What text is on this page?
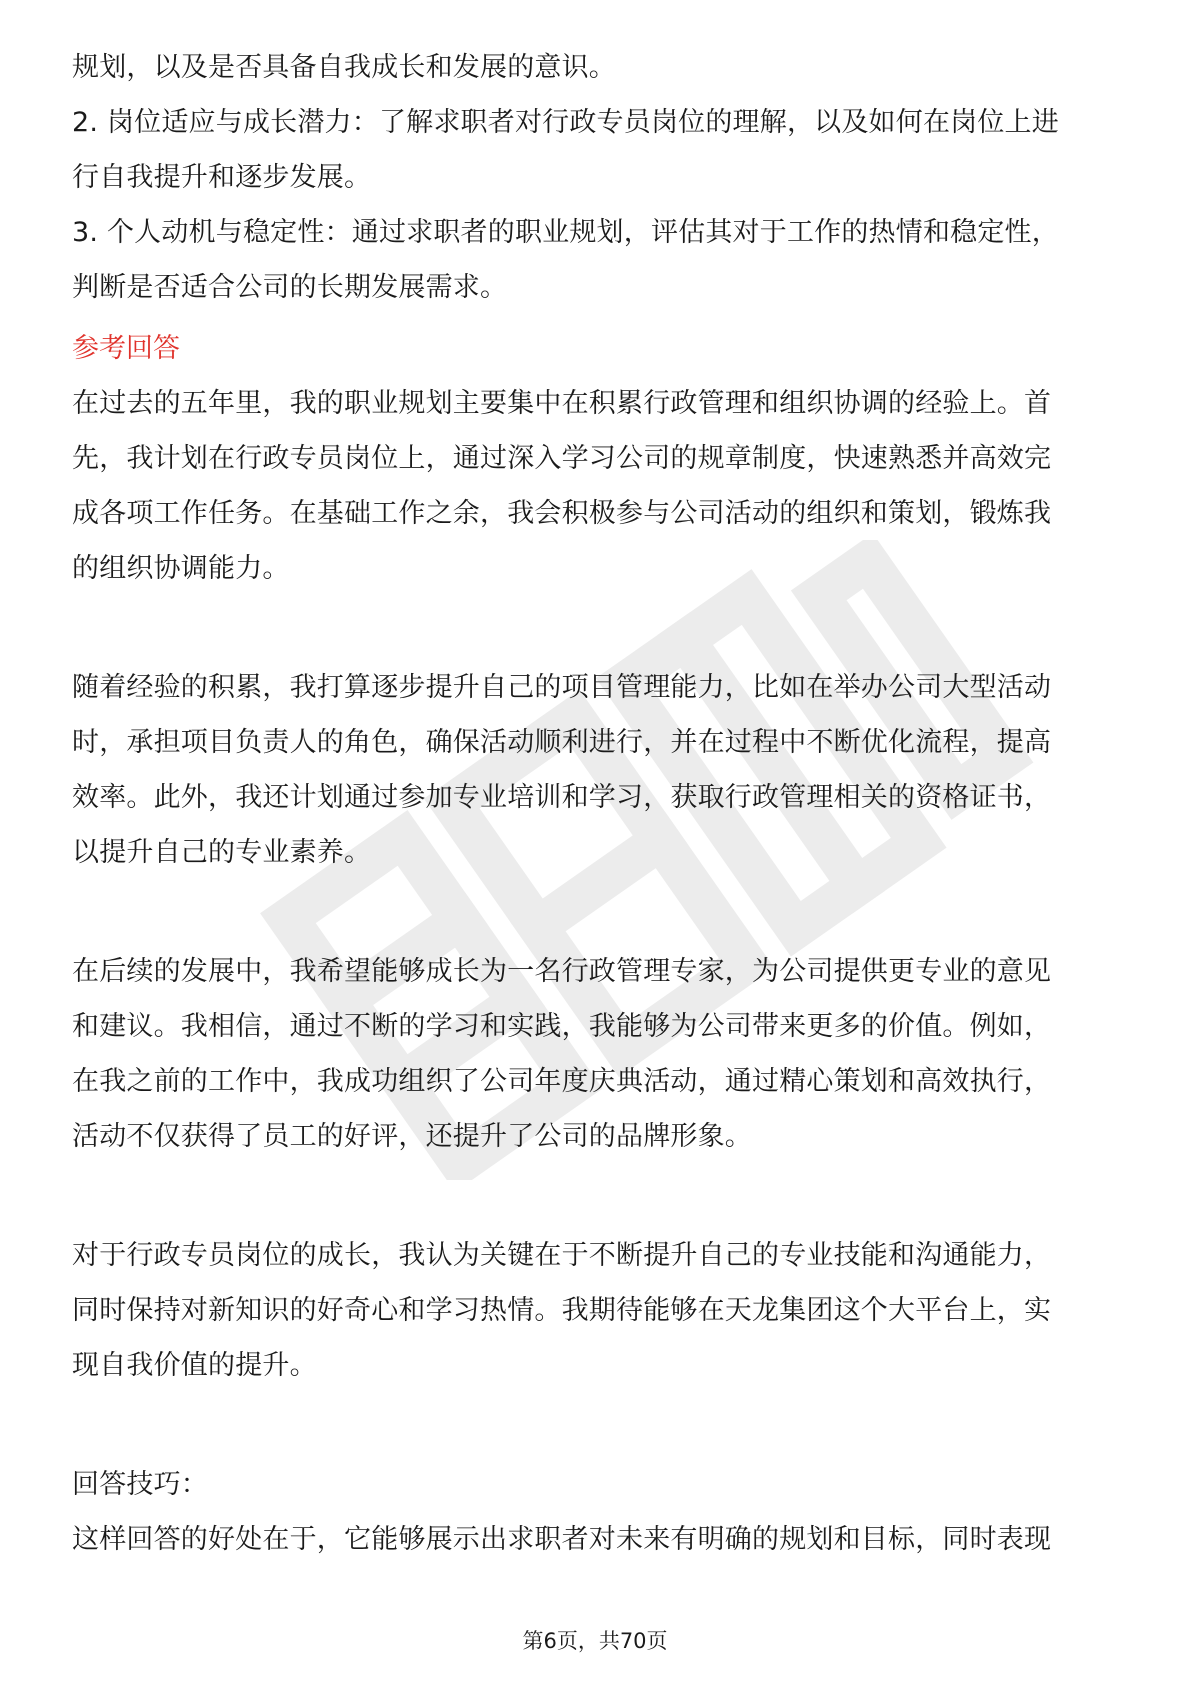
规划，以及是否具备自我成长和发展的意识。
2. 岗位适应与成长潜力：了解求职者对行政专员岗位的理解，以及如何在岗位上进
行自我提升和逐步发展。
3. 个人动机与稳定性：通过求职者的职业规划，评估其对于工作的热情和稳定性，
判断是否适合公司的长期发展需求。
参考回答
在过去的五年里，我的职业规划主要集中在积累行政管理和组织协调的经验上。首
先，我计划在行政专员岗位上，通过深入学习公司的规章制度，快速熟悉并高效完
成各项工作任务。在基础工作之余，我会积极参与公司活动的组织和策划，锻炼我
的组织协调能力。
随着经验的积累，我打算逐步提升自己的项目管理能力，比如在举办公司大型活动
时，承担项目负责人的角色，确保活动顺利进行，并在过程中不断优化流程，提高
效率。此外，我还计划通过参加专业培训和学习，获取行政管理相关的资格证书，
以提升自己的专业素养。
在后续的发展中，我希望能够成长为一名行政管理专家，为公司提供更专业的意见
和建议。我相信，通过不断的学习和实践，我能够为公司带来更多的价值。例如，
在我之前的工作中，我成功组织了公司年度庆典活动，通过精心策划和高效执行，
活动不仅获得了员工的好评，还提升了公司的品牌形象。
对于行政专员岗位的成长，我认为关键在于不断提升自己的专业技能和沟通能力，
同时保持对新知识的好奇心和学习热情。我期待能够在天龙集团这个大平台上，实
现自我价值的提升。
回答技巧：
这样回答的好处在于，它能够展示出求职者对未来有明确的规划和目标，同时表现
第6页，共70页
